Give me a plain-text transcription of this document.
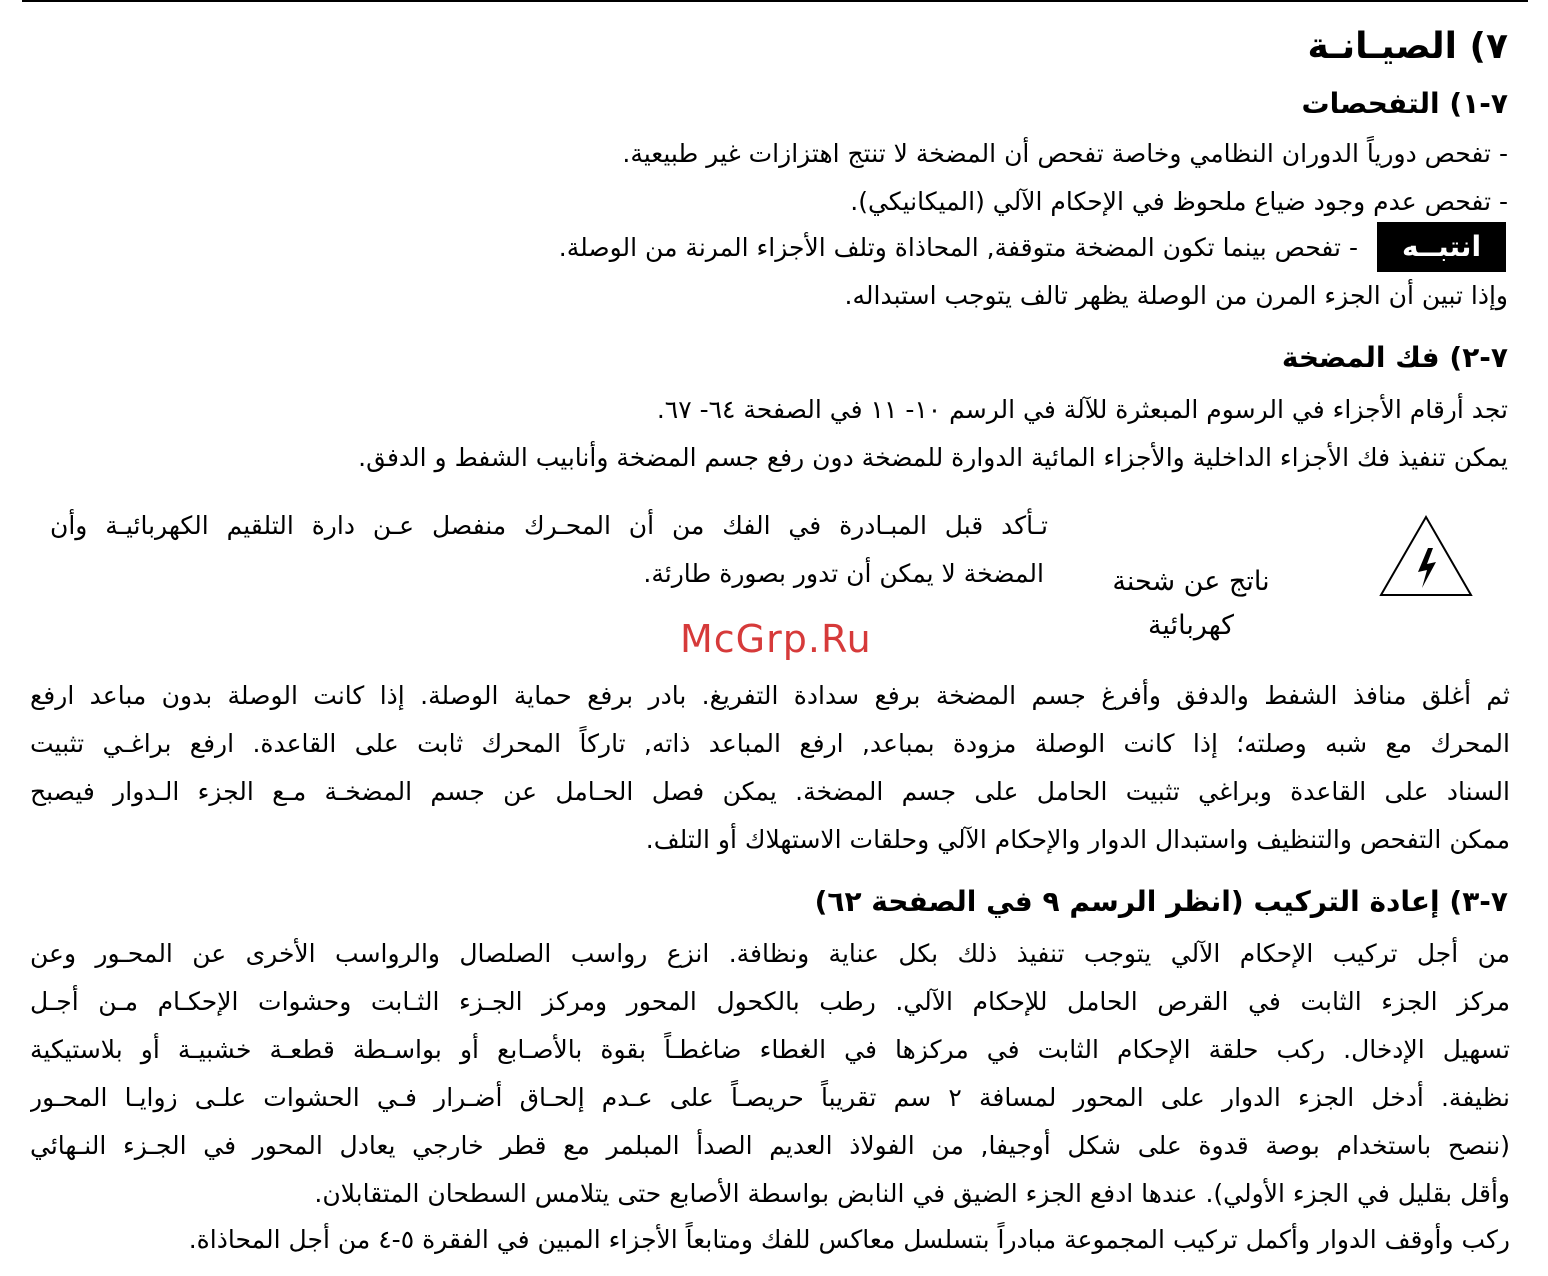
٧) الصيـانـة
٧-١) التفحصات
- تفحص دورياً الدوران النظامي وخاصة تفحص أن المضخة لا تنتج اهتزازات غير طبيعية.
- تفحص عدم وجود ضياع ملحوظ في الإحكام الآلي (الميكانيكي).
انتبــه
- تفحص بينما تكون المضخة متوقفة, المحاذاة وتلف الأجزاء المرنة من الوصلة.
وإذا تبين أن الجزء المرن من الوصلة يظهر تالف يتوجب استبداله.
٧-٢) فك المضخة
تجد أرقام الأجزاء في الرسوم المبعثرة للآلة في الرسم ١٠- ١١ في الصفحة ٦٤- ٦٧.
يمكن تنفيذ فك الأجزاء الداخلية والأجزاء المائية الدوارة للمضخة دون رفع جسم المضخة وأنابيب الشفط و الدفق.
ناتج عن شحنة
كهربائية
تـأكد قبل المبـادرة في الفك من أن المحـرك منفصل عـن دارة التلقيم الكهربائيـة وأن
المضخة لا يمكن أن تدور بصورة طارئة.
McGrp.Ru
ثم أغلق منافذ الشفط والدفق وأفرغ جسم المضخة برفع سدادة التفريغ. بادر برفع حماية الوصلة. إذا كانت الوصلة بدون مباعد ارفع
المحرك مع شبه وصلته؛ إذا كانت الوصلة مزودة بمباعد, ارفع المباعد ذاته, تاركاً المحرك ثابت على القاعدة. ارفع براغـي تثبيت
السناد على القاعدة وبراغي تثبيت الحامل على جسم المضخة. يمكن فصل الحـامل عن جسم المضخـة مـع الجزء الـدوار فيصبح
ممكن التفحص والتنظيف واستبدال الدوار والإحكام الآلي وحلقات الاستهلاك أو التلف.
٧-٣) إعادة التركيب (انظر الرسم ٩ في الصفحة ٦٢)
من أجل تركيب الإحكام الآلي يتوجب تنفيذ ذلك بكل عناية ونظافة. انزع رواسب الصلصال والرواسب الأخرى عن المحـور وعن
مركز الجزء الثابت في القرص الحامل للإحكام الآلي. رطب بالكحول المحور ومركز الجـزء الثـابت وحشوات الإحكـام مـن أجـل
تسهيل الإدخال. ركب حلقة الإحكام الثابت في مركزها في الغطاء ضاغطـاً بقوة بالأصـابع أو بواسـطة قطعـة خشبيـة أو بلاستيكية
نظيفة. أدخل الجزء الدوار على المحور لمسافة ٢ سم تقريباً حريصـاً على عـدم إلحـاق أضـرار فـي الحشوات علـى زوايـا المحـور
(ننصح باستخدام بوصة قدوة على شكل أوجيفا, من الفولاذ العديم الصدأ المبلمر مع قطر خارجي يعادل المحور في الجـزء النـهائي
وأقل بقليل في الجزء الأولي). عندها ادفع الجزء الضيق في النابض بواسطة الأصابع حتى يتلامس السطحان المتقابلان.
ركب وأوقف الدوار وأكمل تركيب المجموعة مبادراً بتسلسل معاكس للفك ومتابعاً الأجزاء المبين في الفقرة ٥-٤ من أجل المحاذاة.
